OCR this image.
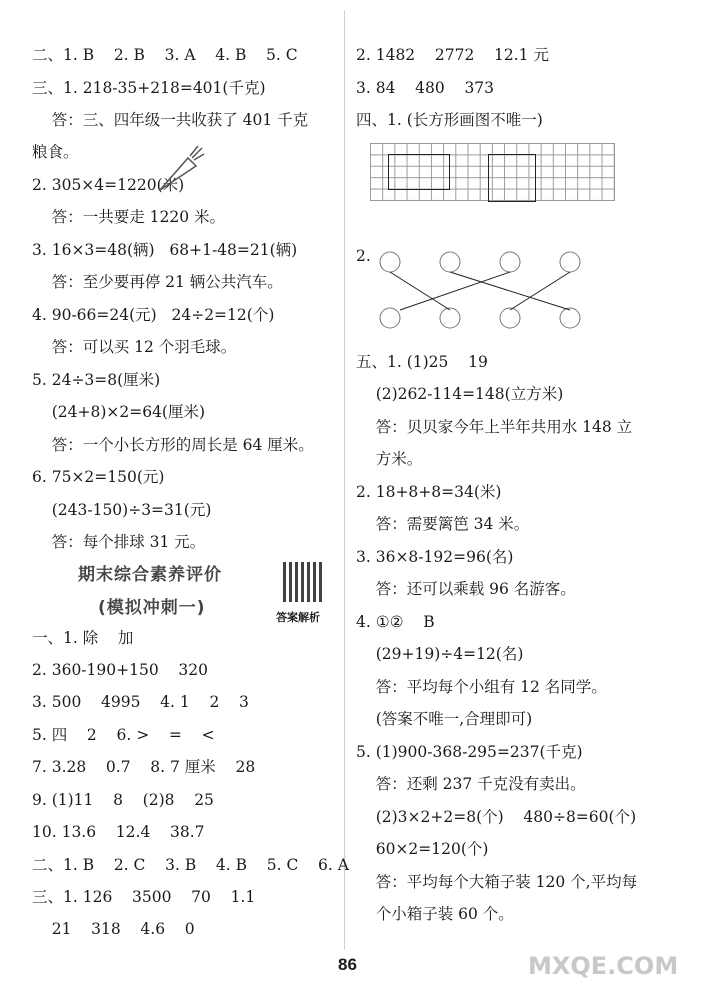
二、1. B    2. B    3. A    4. B    5. C
三、1. 218-35+218=401(千克)
答：三、四年级一共收获了 401 千克
粮食。
2. 305×4=1220(米)
答：一共要走 1220 米。
3. 16×3=48(辆)   68+1-48=21(辆)
答：至少要再停 21 辆公共汽车。
4. 90-66=24(元)   24÷2=12(个)
答：可以买 12 个羽毛球。
5. 24÷3=8(厘米)
(24+8)×2=64(厘米)
答：一个小长方形的周长是 64 厘米。
6. 75×2=150(元)
(243-150)÷3=31(元)
答：每个排球 31 元。
期末综合素养评价
(模拟冲刺一)	答案解析
一、1. 除    加
2. 360-190+150    320
3. 500    4995    4. 1    2    3
5. 四    2    6. >    =    <
7. 3.28    0.7    8. 7 厘米    28
9. (1)11    8    (2)8    25
10. 13.6    12.4    38.7
二、1. B    2. C    3. B    4. B    5. C    6. A
三、1. 126    3500    70    1.1
21    318    4.6    0
2. 1482    2772    12.1 元
3. 84    480    373
四、1. (长方形画图不唯一)
2.
五、1. (1)25    19
(2)262-114=148(立方米)
答：贝贝家今年上半年共用水 148 立
方米。
2. 18+8+8=34(米)
答：需要篱笆 34 米。
3. 36×8-192=96(名)
答：还可以乘载 96 名游客。
4. ①②    B
(29+19)÷4=12(名)
答：平均每个小组有 12 名同学。
(答案不唯一,合理即可)
5. (1)900-368-295=237(千克)
答：还剩 237 千克没有卖出。
(2)3×2+2=8(个)    480÷8=60(个)
60×2=120(个)
答：平均每个大箱子装 120 个,平均每
个小箱子装 60 个。
86	MXQE.COM
